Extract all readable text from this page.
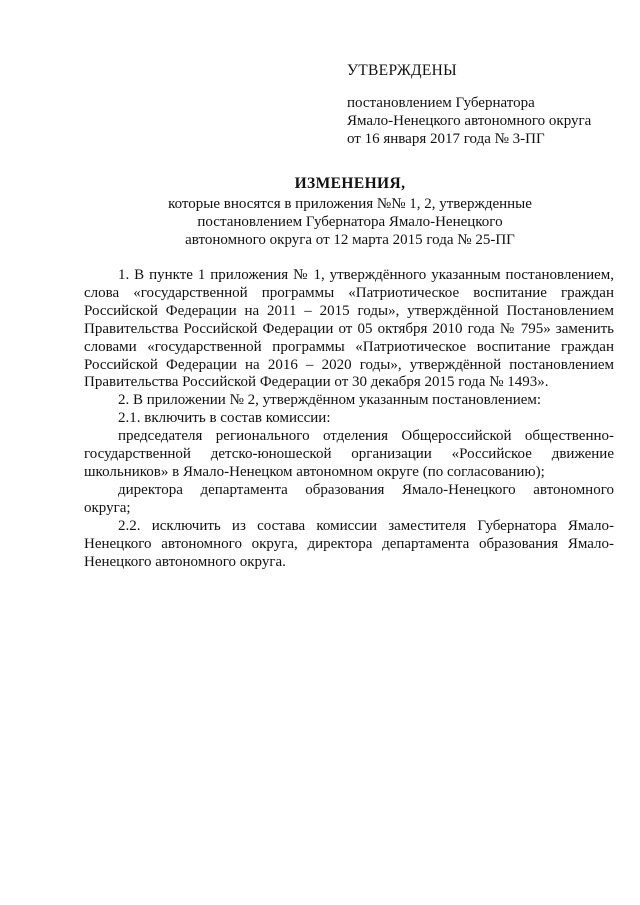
УТВЕРЖДЕНЫ
постановлением Губернатора
Ямало-Ненецкого автономного округа
от 16 января 2017 года № 3-ПГ
ИЗМЕНЕНИЯ,
которые вносятся в приложения №№ 1, 2, утвержденные
постановлением Губернатора Ямало-Ненецкого
автономного округа от 12 марта 2015 года № 25-ПГ

1. В пункте 1 приложения № 1, утверждённого указанным постановлением,
слова «государственной программы «Патриотическое воспитание граждан
Российской Федерации на 2011 – 2015 годы», утверждённой Постановлением
Правительства Российской Федерации от 05 октября 2010 года № 795» заменить
словами «государственной программы «Патриотическое воспитание граждан
Российской Федерации на 2016 – 2020 годы», утверждённой постановлением
Правительства Российской Федерации от 30 декабря 2015 года № 1493».

2. В приложении № 2, утверждённом указанным постановлением:

2.1. включить в состав комиссии:

председателя регионального отделения Общероссийской общественно-
государственной детско-юношеской организации «Российское движение
школьников» в Ямало-Ненецком автономном округе (по согласованию);

директора департамента образования Ямало-Ненецкого автономного
округа;

2.2. исключить из состава комиссии заместителя Губернатора Ямало-
Ненецкого автономного округа, директора департамента образования Ямало-
Ненецкого автономного округа.
